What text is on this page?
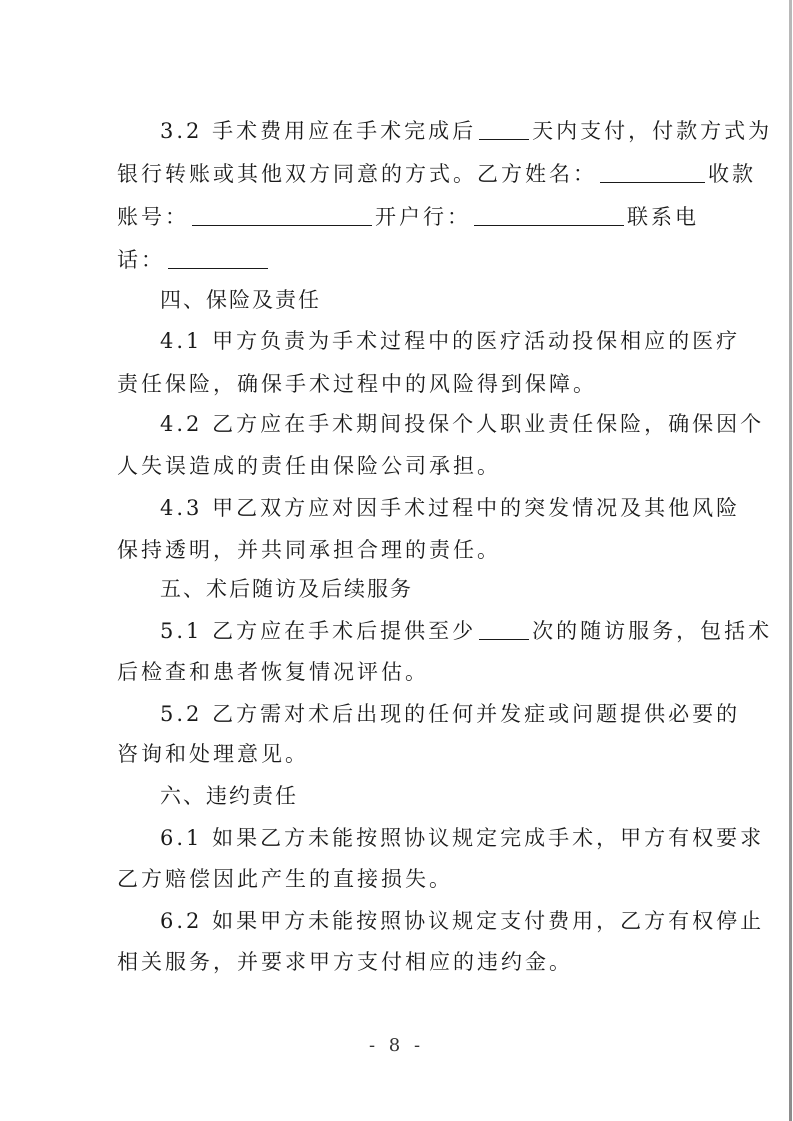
3.2 手术费用应在手术完成后	天内支付，付款方式为
银行转账或其他双方同意的方式。乙方姓名：	收款
账号：	开户行：	联系电
话：
四、保险及责任
4.1 甲方负责为手术过程中的医疗活动投保相应的医疗
责任保险，确保手术过程中的风险得到保障。
4.2 乙方应在手术期间投保个人职业责任保险，确保因个
人失误造成的责任由保险公司承担。
4.3 甲乙双方应对因手术过程中的突发情况及其他风险
保持透明，并共同承担合理的责任。
五、术后随访及后续服务
5.1 乙方应在手术后提供至少	次的随访服务，包括术
后检查和患者恢复情况评估。
5.2 乙方需对术后出现的任何并发症或问题提供必要的
咨询和处理意见。
六、违约责任
6.1 如果乙方未能按照协议规定完成手术，甲方有权要求
乙方赔偿因此产生的直接损失。
6.2 如果甲方未能按照协议规定支付费用，乙方有权停止
相关服务，并要求甲方支付相应的违约金。
- 8 -
